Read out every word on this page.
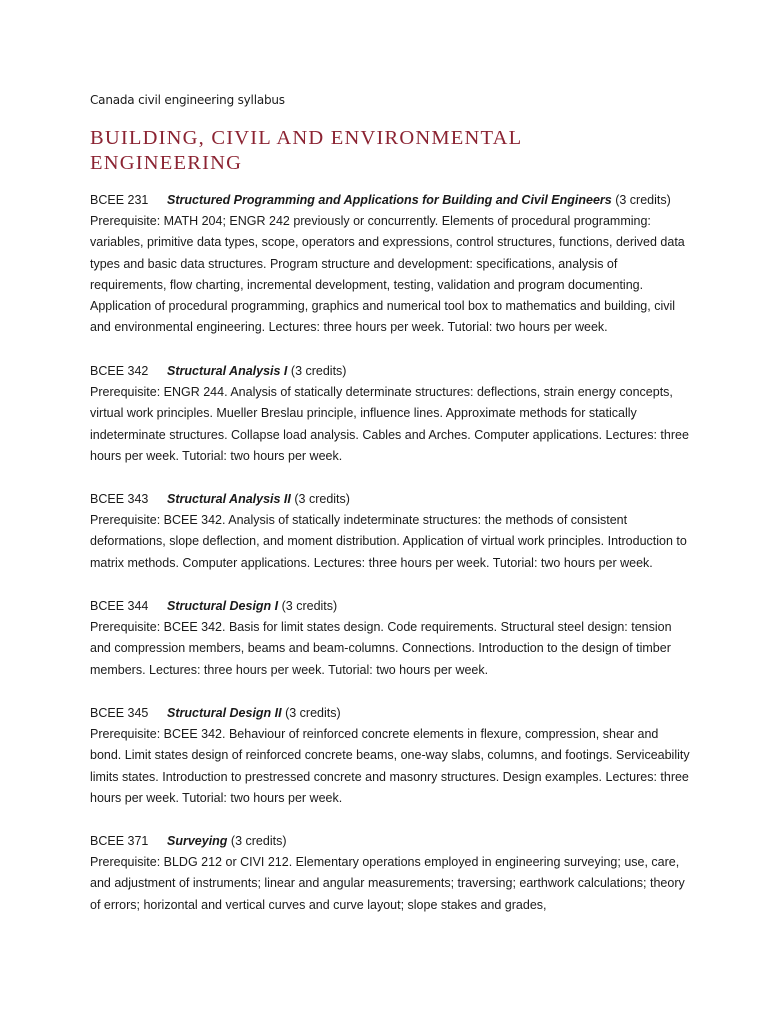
Canada civil engineering syllabus
BUILDING, CIVIL AND ENVIRONMENTAL ENGINEERING
BCEE 231 Structured Programming and Applications for Building and Civil Engineers (3 credits)

Prerequisite: MATH 204; ENGR 242 previously or concurrently. Elements of procedural programming: variables, primitive data types, scope, operators and expressions, control structures, functions, derived data types and basic data structures. Program structure and development: specifications, analysis of requirements, flow charting, incremental development, testing, validation and program documenting. Application of procedural programming, graphics and numerical tool box to mathematics and building, civil and environmental engineering. Lectures: three hours per week. Tutorial: two hours per week.

BCEE 342 Structural Analysis I (3 credits)

Prerequisite: ENGR 244. Analysis of statically determinate structures: deflections, strain energy concepts, virtual work principles. Mueller Breslau principle, influence lines. Approximate methods for statically indeterminate structures. Collapse load analysis. Cables and Arches. Computer applications. Lectures: three hours per week. Tutorial: two hours per week.

BCEE 343 Structural Analysis II (3 credits)

Prerequisite: BCEE 342. Analysis of statically indeterminate structures: the methods of consistent deformations, slope deflection, and moment distribution. Application of virtual work principles. Introduction to matrix methods. Computer applications. Lectures: three hours per week. Tutorial: two hours per week.

BCEE 344 Structural Design I (3 credits)

Prerequisite: BCEE 342. Basis for limit states design. Code requirements. Structural steel design: tension and compression members, beams and beam-columns. Connections. Introduction to the design of timber members. Lectures: three hours per week. Tutorial: two hours per week.

BCEE 345 Structural Design II (3 credits)

Prerequisite: BCEE 342. Behaviour of reinforced concrete elements in flexure, compression, shear and bond. Limit states design of reinforced concrete beams, one-way slabs, columns, and footings. Serviceability limits states. Introduction to prestressed concrete and masonry structures. Design examples. Lectures: three hours per week. Tutorial: two hours per week.

BCEE 371 Surveying (3 credits)

Prerequisite: BLDG 212 or CIVI 212. Elementary operations employed in engineering surveying; use, care, and adjustment of instruments; linear and angular measurements; traversing; earthwork calculations; theory of errors; horizontal and vertical curves and curve layout; slope stakes and grades,
